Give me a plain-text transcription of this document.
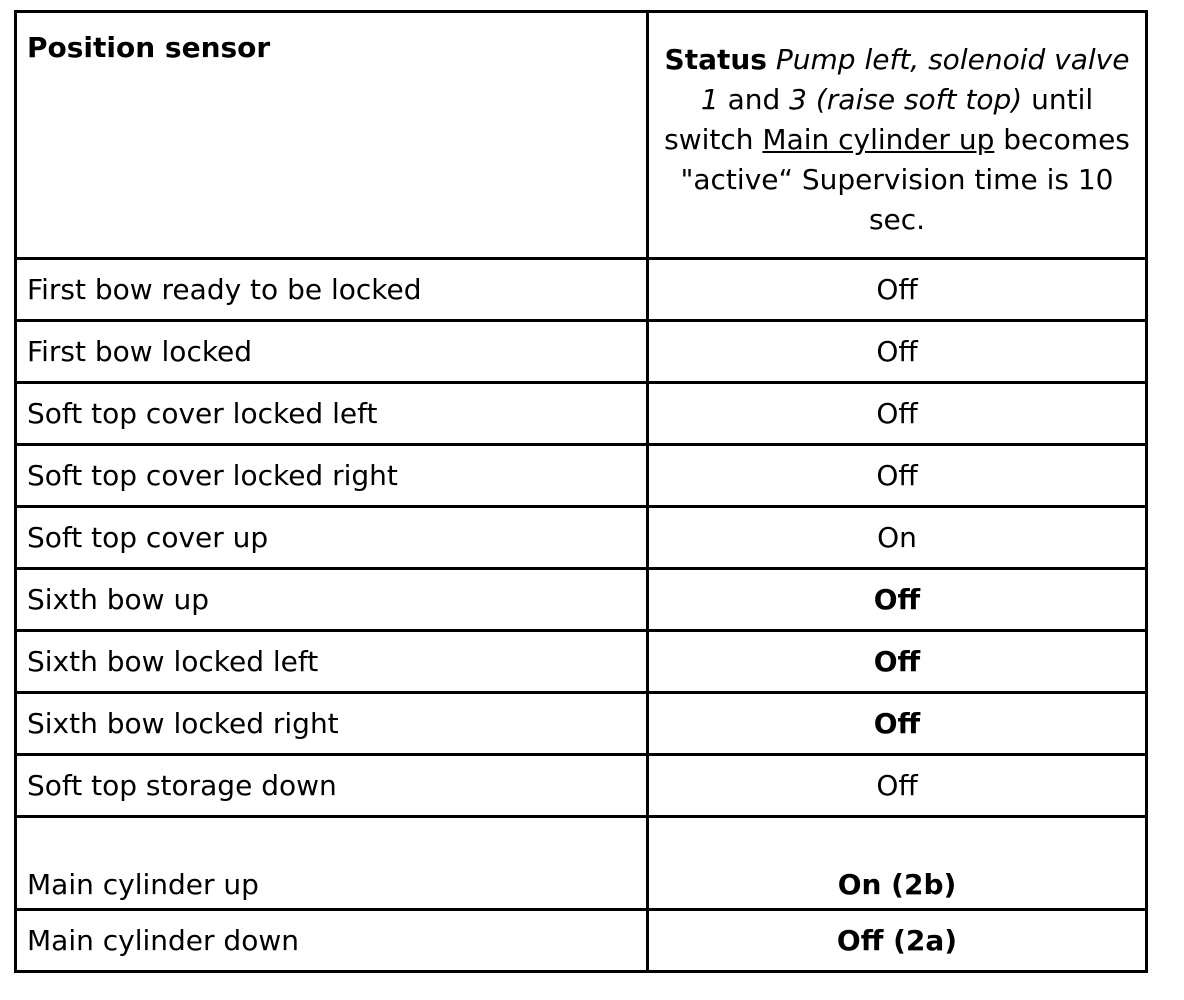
Position sensor	Status Pump left, solenoid valve 1 and 3 (raise soft top) until switch Main cylinder up becomes "active“ Supervision time is 10 sec.
First bow ready to be locked	Off
First bow locked	Off
Soft top cover locked left	Off
Soft top cover locked right	Off
Soft top cover up	On
Sixth bow up	Off
Sixth bow locked left	Off
Sixth bow locked right	Off
Soft top storage down	Off
Main cylinder up	On (2b)
Main cylinder down	Off (2a)
